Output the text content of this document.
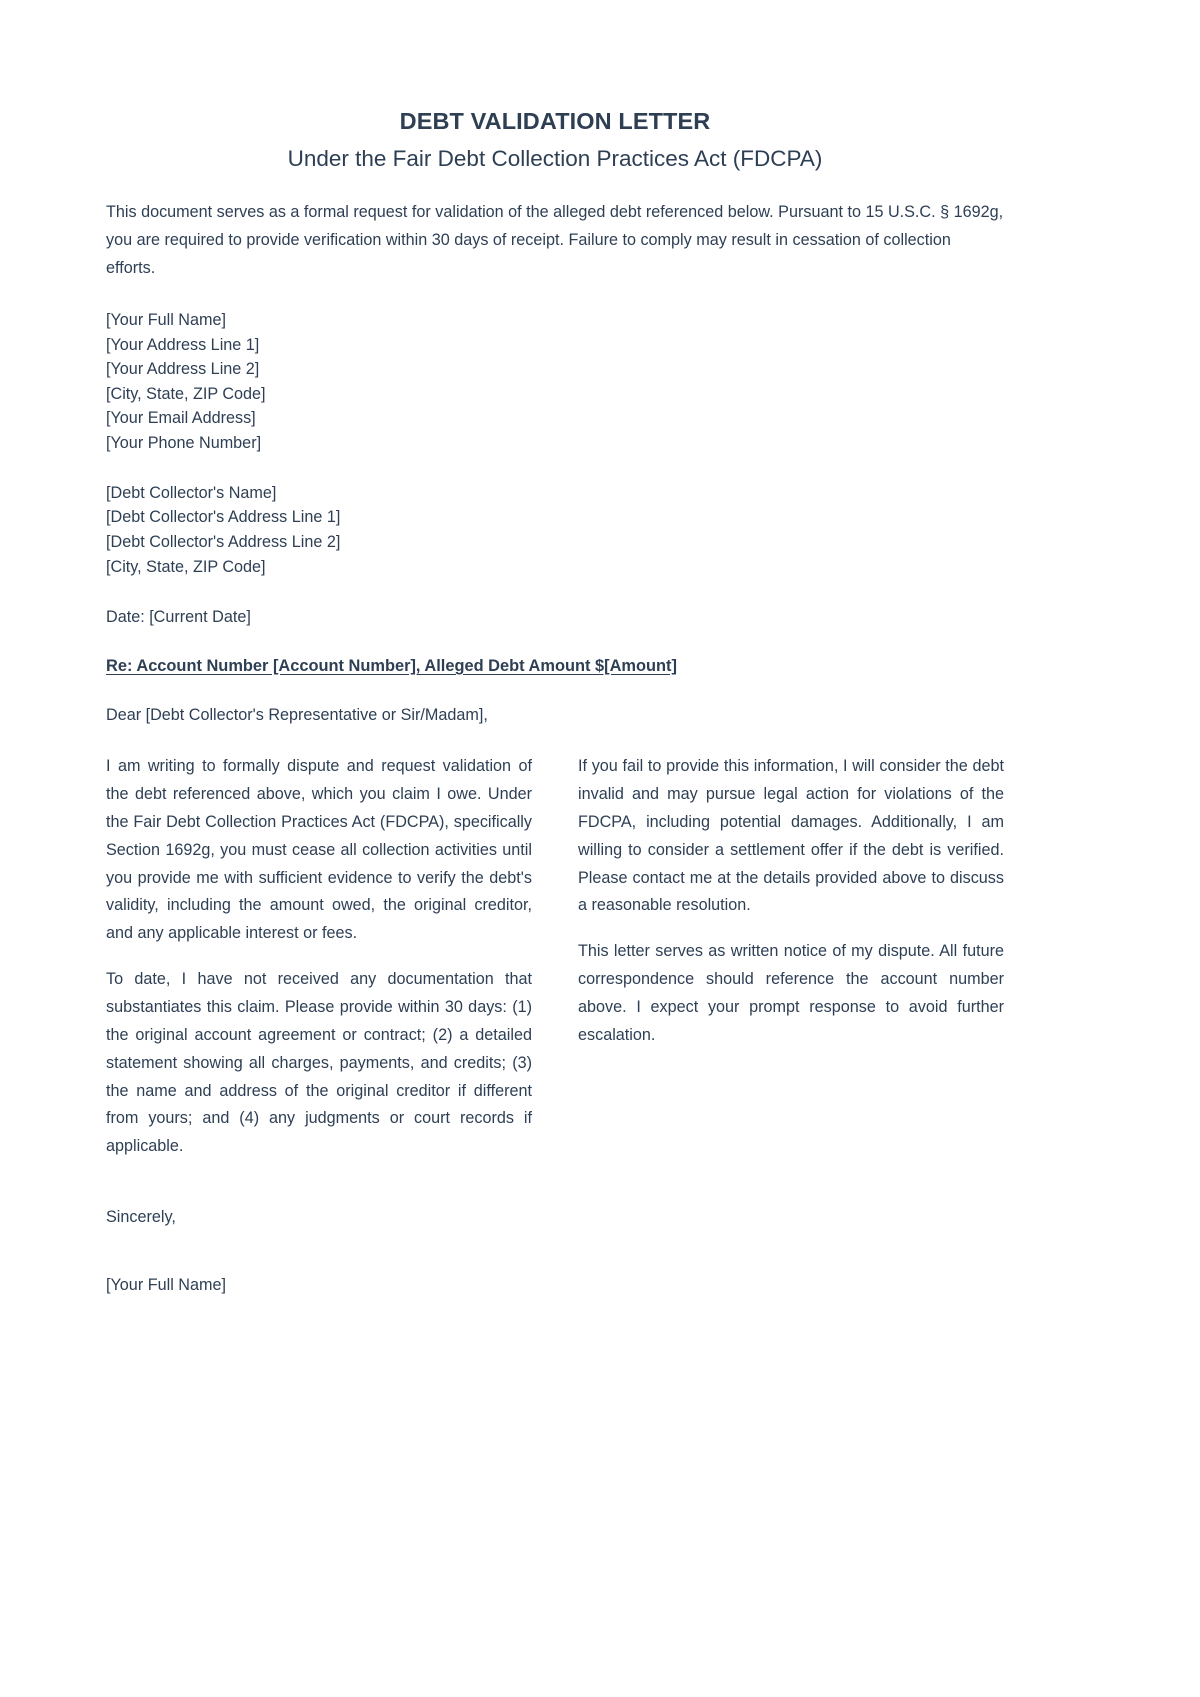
DEBT VALIDATION LETTER
Under the Fair Debt Collection Practices Act (FDCPA)

This document serves as a formal request for validation of the alleged debt referenced below. Pursuant to 15 U.S.C. § 1692g, you are required to provide verification within 30 days of receipt. Failure to comply may result in cessation of collection efforts.

[Your Full Name]
[Your Address Line 1]
[Your Address Line 2]
[City, State, ZIP Code]
[Your Email Address]
[Your Phone Number]
[Debt Collector's Name]
[Debt Collector's Address Line 1]
[Debt Collector's Address Line 2]
[City, State, ZIP Code]

Date: [Current Date]

Re: Account Number [Account Number], Alleged Debt Amount $[Amount]

Dear [Debt Collector's Representative or Sir/Madam],

I am writing to formally dispute and request validation of the debt referenced above, which you claim I owe. Under the Fair Debt Collection Practices Act (FDCPA), specifically Section 1692g, you must cease all collection activities until you provide me with sufficient evidence to verify the debt's validity, including the amount owed, the original creditor, and any applicable interest or fees.

To date, I have not received any documentation that substantiates this claim. Please provide within 30 days: (1) the original account agreement or contract; (2) a detailed statement showing all charges, payments, and credits; (3) the name and address of the original creditor if different from yours; and (4) any judgments or court records if applicable.

If you fail to provide this information, I will consider the debt invalid and may pursue legal action for violations of the FDCPA, including potential damages. Additionally, I am willing to consider a settlement offer if the debt is verified. Please contact me at the details provided above to discuss a reasonable resolution.

This letter serves as written notice of my dispute. All future correspondence should reference the account number above. I expect your prompt response to avoid further escalation.

Sincerely,

[Your Full Name]
